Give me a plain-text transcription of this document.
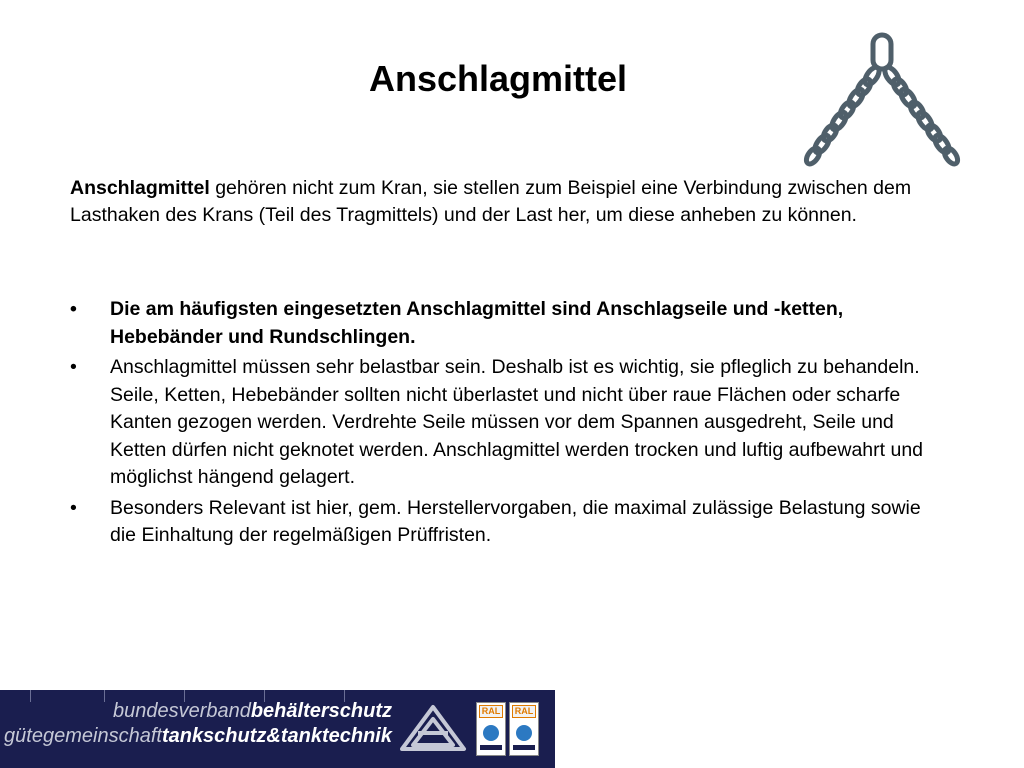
Anschlagmittel

Anschlagmittel gehören nicht zum Kran, sie stellen zum Beispiel eine Verbindung zwischen dem Lasthaken des Krans (Teil des Tragmittels) und der Last her, um diese anheben zu können.

• Die am häufigsten eingesetzten Anschlagmittel sind Anschlagseile und -ketten, Hebebänder und Rundschlingen.
• Anschlagmittel müssen sehr belastbar sein. Deshalb ist es wichtig, sie pfleglich zu behandeln. Seile, Ketten, Hebebänder sollten nicht überlastet und nicht über raue Flächen oder scharfe Kanten gezogen werden. Verdrehte Seile müssen vor dem Spannen ausgedreht, Seile und Ketten dürfen nicht geknotet werden. Anschlagmittel werden trocken und luftig aufbewahrt und möglichst hängend gelagert.
• Besonders Relevant ist hier, gem. Herstellervorgaben, die maximal zulässige Belastung sowie die Einhaltung der regelmäßigen Prüffristen.
bundesverbandbehälterschutz
gütegemeinschafttankschutz&tanktechnik
RAL	RAL
